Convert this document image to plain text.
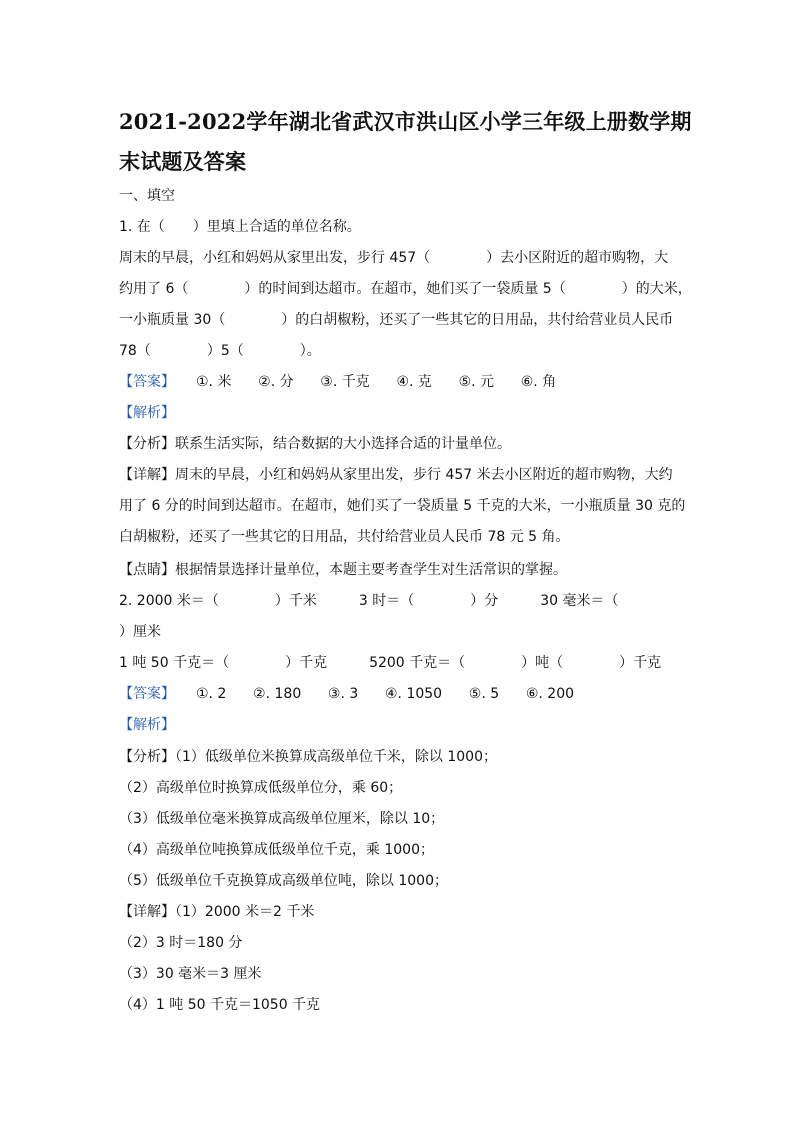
2021-2022学年湖北省武汉市洪山区小学三年级上册数学期
末试题及答案
一、填空
1. 在（　　）里填上合适的单位名称。
周末的早晨，小红和妈妈从家里出发，步行 457（　　　　）去小区附近的超市购物，大
约用了 6（　　　　）的时间到达超市。在超市，她们买了一袋质量 5（　　　　）的大米，
一小瓶质量 30（　　　　）的白胡椒粉，还买了一些其它的日用品，共付给营业员人民币
78（　　　　）5（　　　　）。
【答案】　　 ①. 米      ②. 分      ③. 千克      ④. 克      ⑤. 元      ⑥. 角
【解析】
【分析】联系生活实际，结合数据的大小选择合适的计量单位。
【详解】周末的早晨，小红和妈妈从家里出发，步行 457 米去小区附近的超市购物，大约
用了 6 分的时间到达超市。在超市，她们买了一袋质量 5 千克的大米，一小瓶质量 30 克的
白胡椒粉，还买了一些其它的日用品，共付给营业员人民币 78 元 5 角。
【点睛】根据情景选择计量单位，本题主要考查学生对生活常识的掌握。
2. 2000 米＝（　　　　）千米　　　3 时＝（　　　　）分　　　30 毫米＝（
）厘米
1 吨 50 千克＝（　　　　）千克　　　5200 千克＝（　　　　）吨（　　　　）千克
【答案】　　 ①. 2      ②. 180      ③. 3      ④. 1050      ⑤. 5      ⑥. 200
【解析】
【分析】（1）低级单位米换算成高级单位千米，除以 1000；
（2）高级单位时换算成低级单位分，乘 60；
（3）低级单位毫米换算成高级单位厘米，除以 10；
（4）高级单位吨换算成低级单位千克，乘 1000；
（5）低级单位千克换算成高级单位吨，除以 1000；
【详解】（1）2000 米＝2 千米
（2）3 时＝180 分
（3）30 毫米＝3 厘米
（4）1 吨 50 千克＝1050 千克
